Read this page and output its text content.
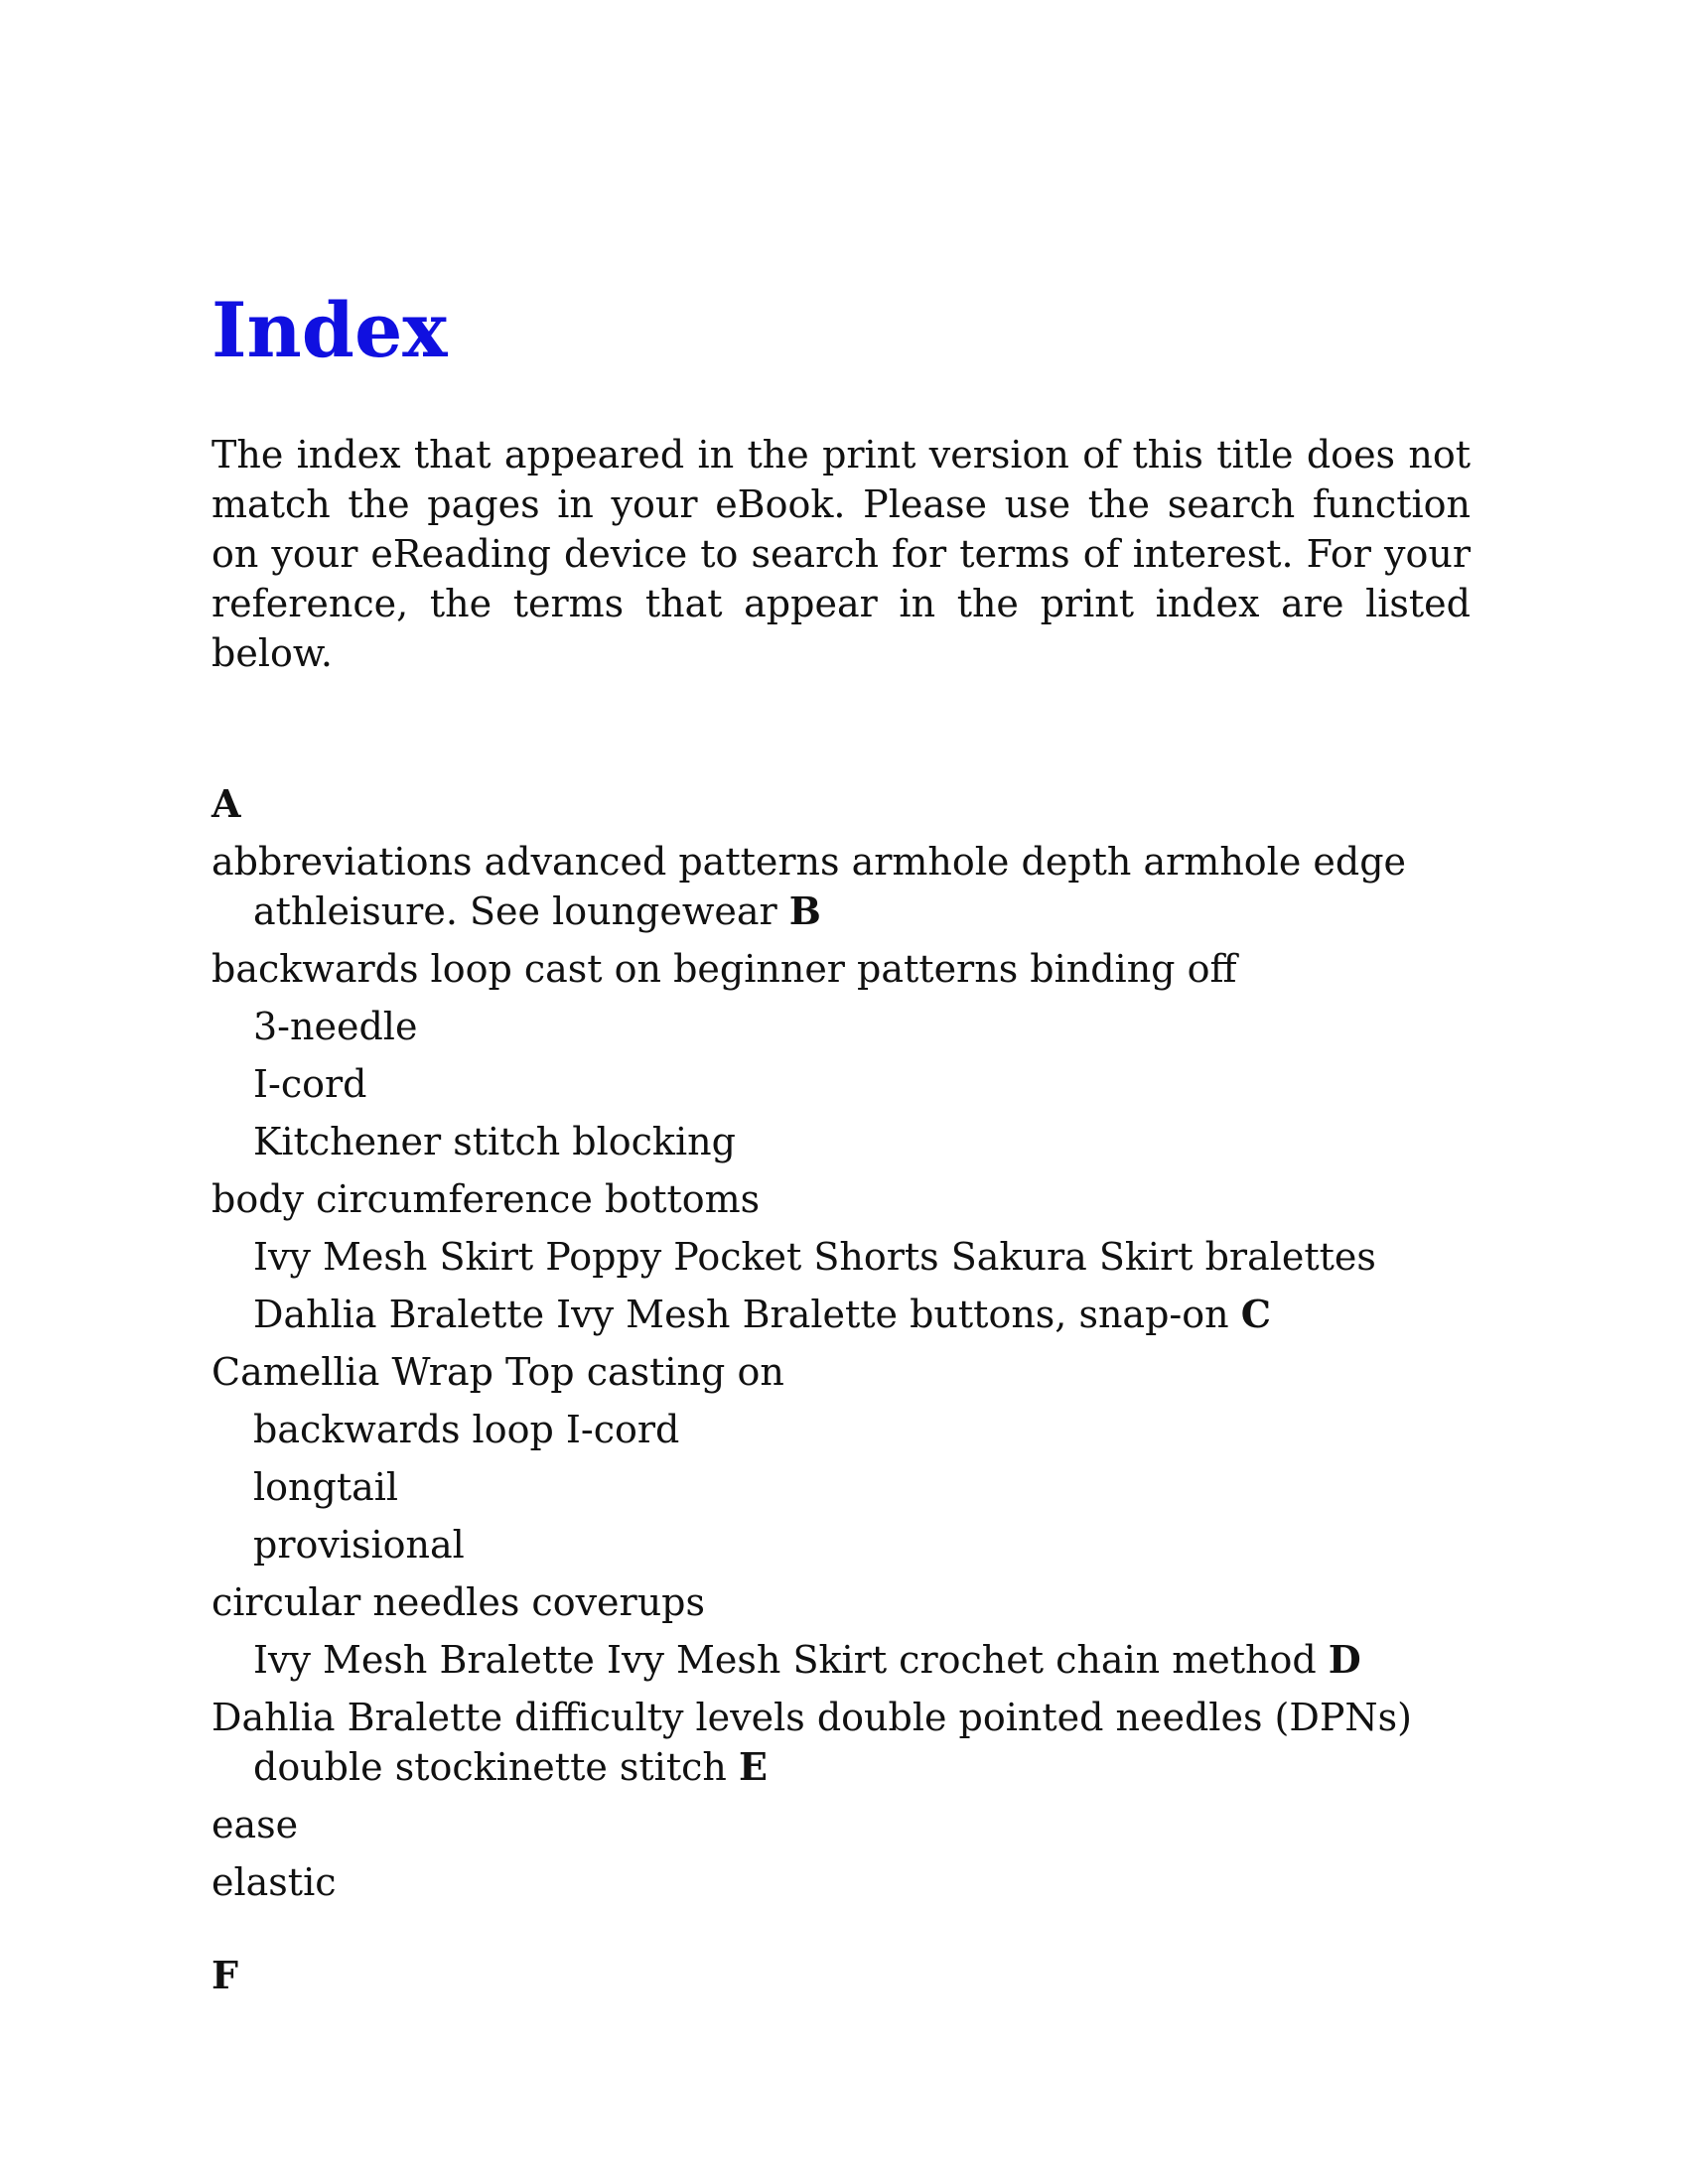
Index

The index that appeared in the print version of this title does not match the pages in your eBook. Please use the search function on your eReading device to search for terms of interest. For your reference, the terms that appear in the print index are listed below.

A
abbreviations advanced patterns armhole depth armhole edge
athleisure. See loungewear B
backwards loop cast on beginner patterns binding off
3-needle
I-cord
Kitchener stitch blocking
body circumference bottoms
Ivy Mesh Skirt Poppy Pocket Shorts Sakura Skirt bralettes
Dahlia Bralette Ivy Mesh Bralette buttons, snap-on C
Camellia Wrap Top casting on
backwards loop I-cord
longtail
provisional
circular needles coverups
Ivy Mesh Bralette Ivy Mesh Skirt crochet chain method D
Dahlia Bralette difficulty levels double pointed needles (DPNs)
double stockinette stitch E
ease
elastic
F
